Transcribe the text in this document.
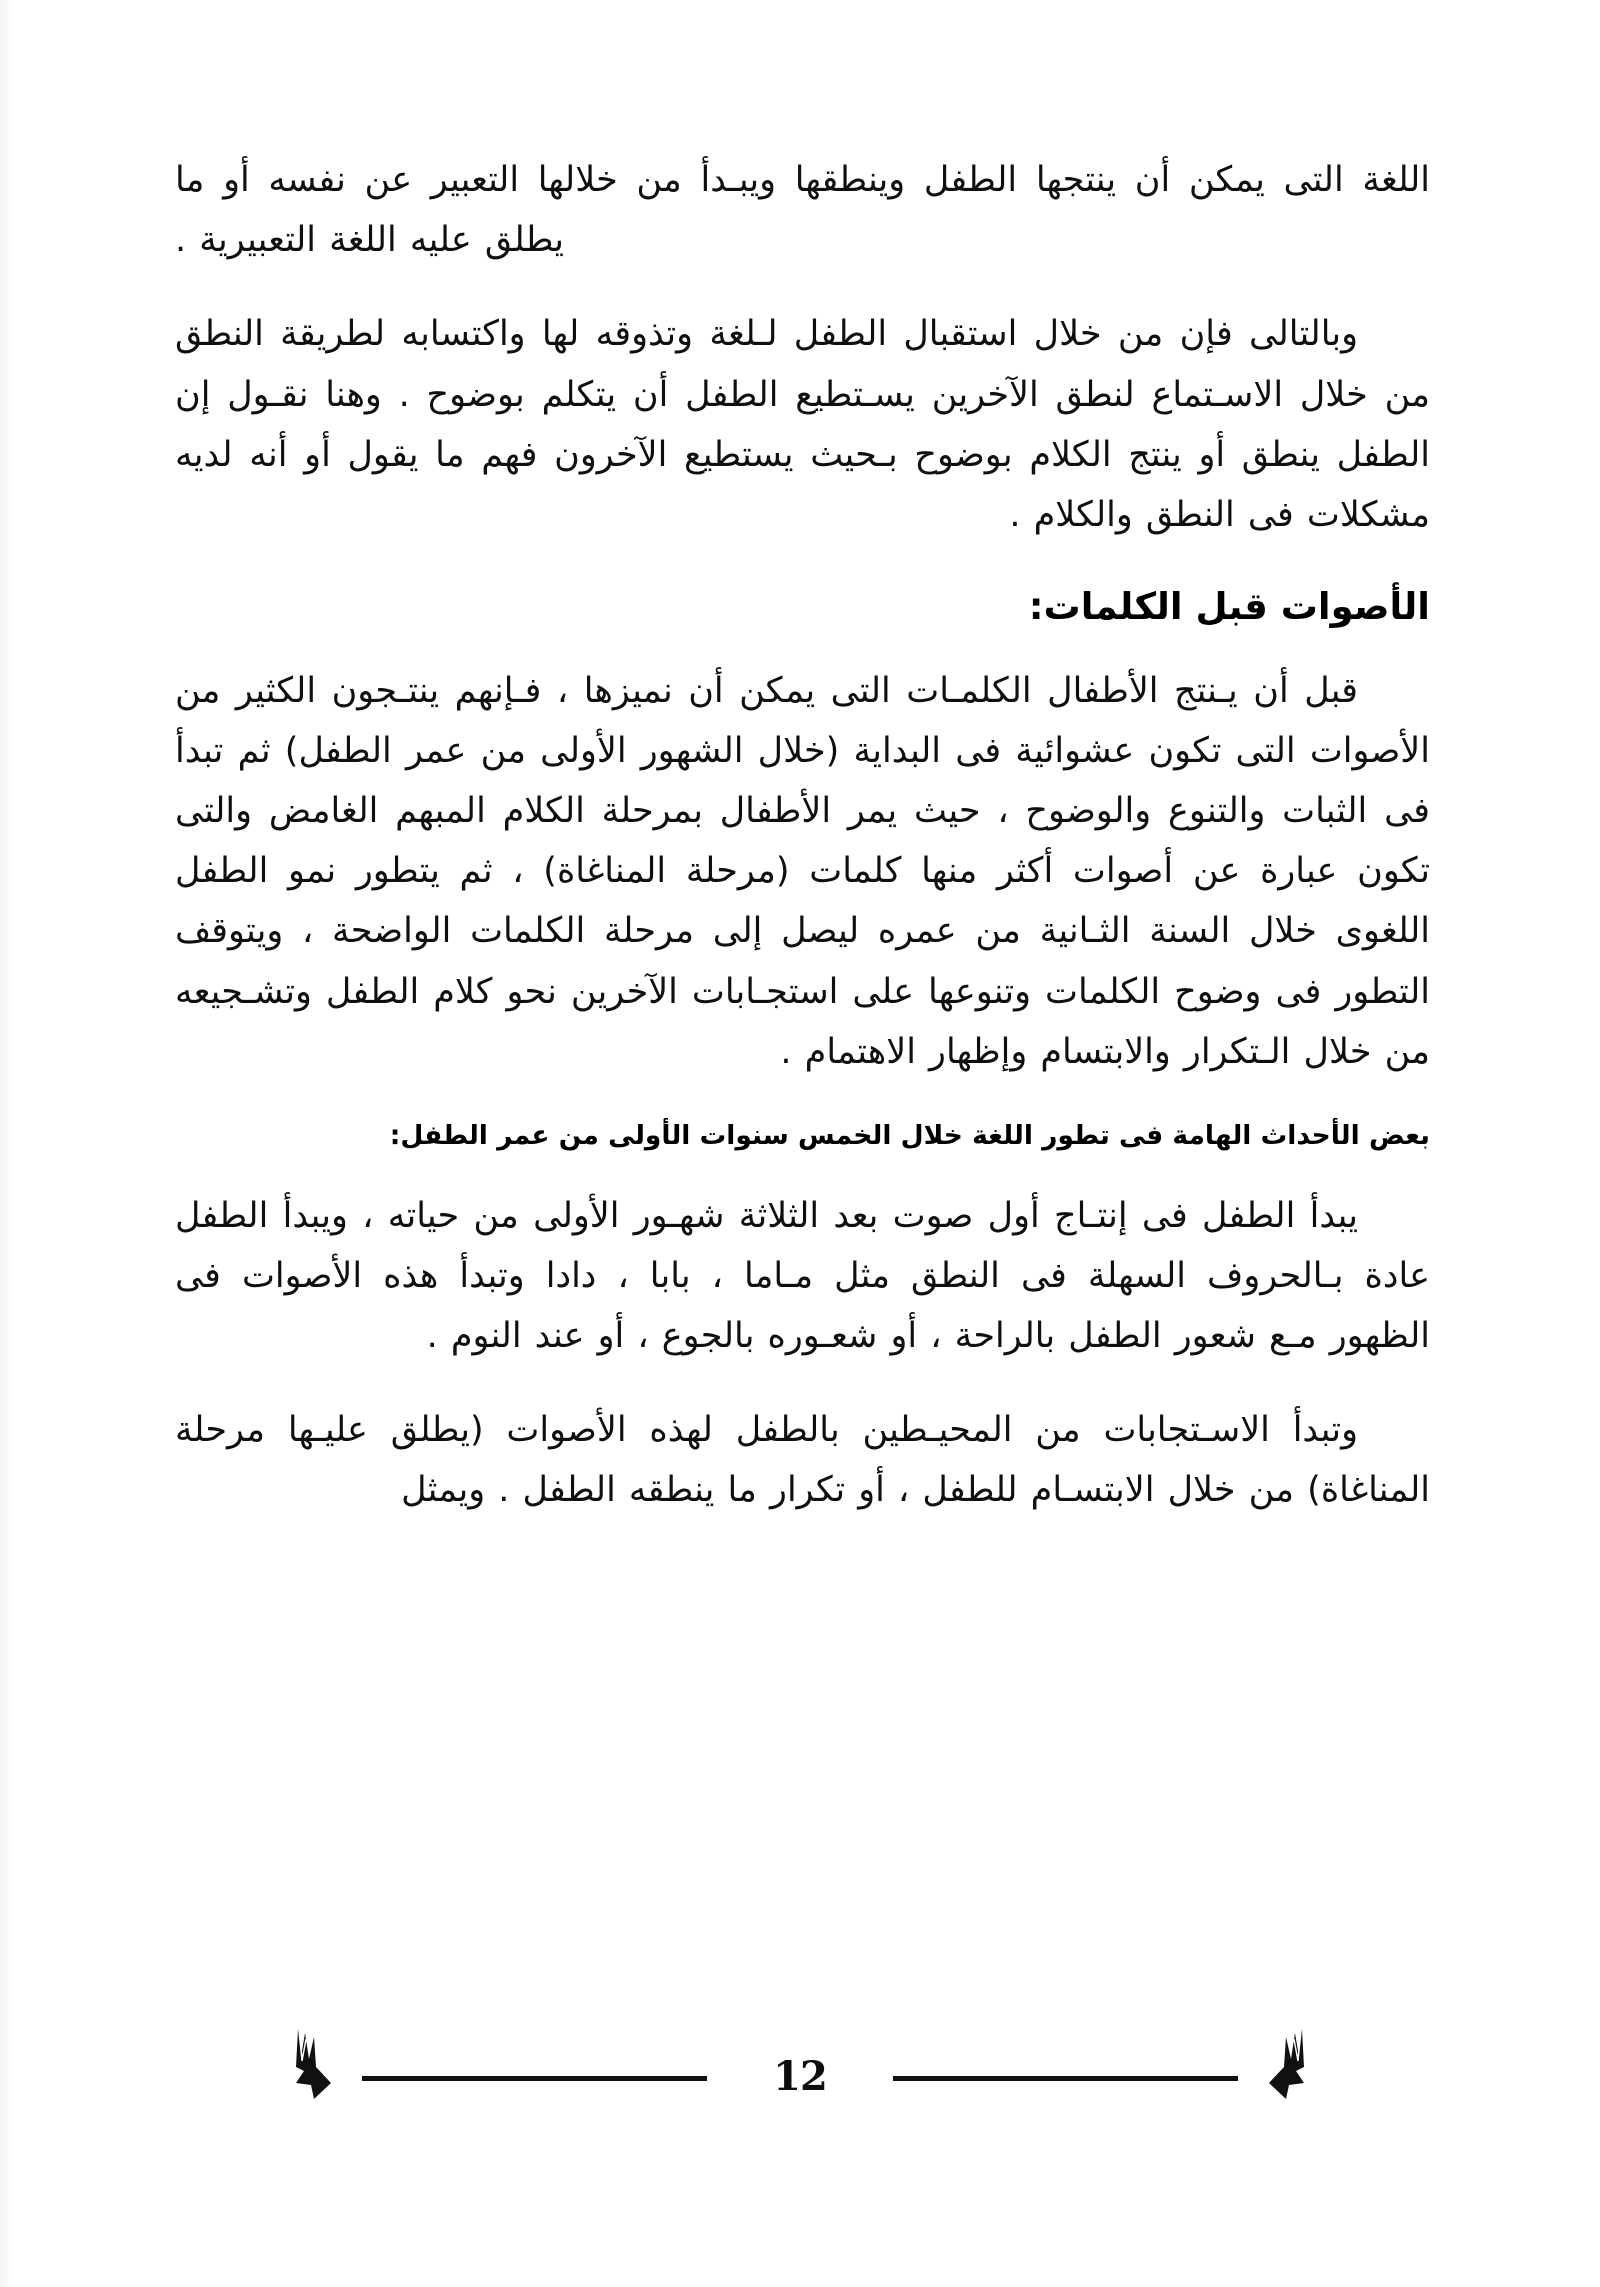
اللغة التى يمكن أن ينتجها الطفل وينطقها ويبـدأ من خلالها التعبير عن نفسه أو ما يطلق عليه اللغة التعبيرية .

وبالتالى فإن من خلال استقبال الطفل لـلغة وتذوقه لها واكتسابه لطريقة النطق من خلال الاسـتماع لنطق الآخرين يسـتطيع الطفل أن يتكلم بوضوح . وهنا نقـول إن الطفل ينطق أو ينتج الكلام بوضوح بـحيث يستطيع الآخرون فهم ما يقول أو أنه لديه مشكلات فى النطق والكلام .

الأصوات قبل الكلمات:

قبل أن يـنتج الأطفال الكلمـات التى يمكن أن نميزها ، فـإنهم ينتـجون الكثير من الأصوات التى تكون عشوائية فى البداية (خلال الشهور الأولى من عمر الطفل) ثم تبدأ فى الثبات والتنوع والوضوح ، حيث يمر الأطفال بمرحلة الكلام المبهم الغامض والتى تكون عبارة عن أصوات أكثر منها كلمات (مرحلة المناغاة) ، ثم يتطور نمو الطفل اللغوى خلال السنة الثـانية من عمره ليصل إلى مرحلة الكلمات الواضحة ، ويتوقف التطور فى وضوح الكلمات وتنوعها على استجـابات الآخرين نحو كلام الطفل وتشـجيعه من خلال الـتكرار والابتسام وإظهار الاهتمام .

بعض الأحداث الهامة فى تطور اللغة خلال الخمس سنوات الأولى من عمر الطفل:

يبدأ الطفل فى إنتـاج أول صوت بعد الثلاثة شهـور الأولى من حياته ، ويبدأ الطفل عادة بـالحروف السهلة فى النطق مثل مـاما ، بابا ، دادا وتبدأ هذه الأصوات فى الظهور مـع شعور الطفل بالراحة ، أو شعـوره بالجوع ، أو عند النوم .

وتبدأ الاسـتجابات من المحيـطين بالطفل لهذه الأصوات (يطلق عليـها مرحلة المناغاة) من خلال الابتسـام للطفل ، أو تكرار ما ينطقه الطفل . ويمثل

12
